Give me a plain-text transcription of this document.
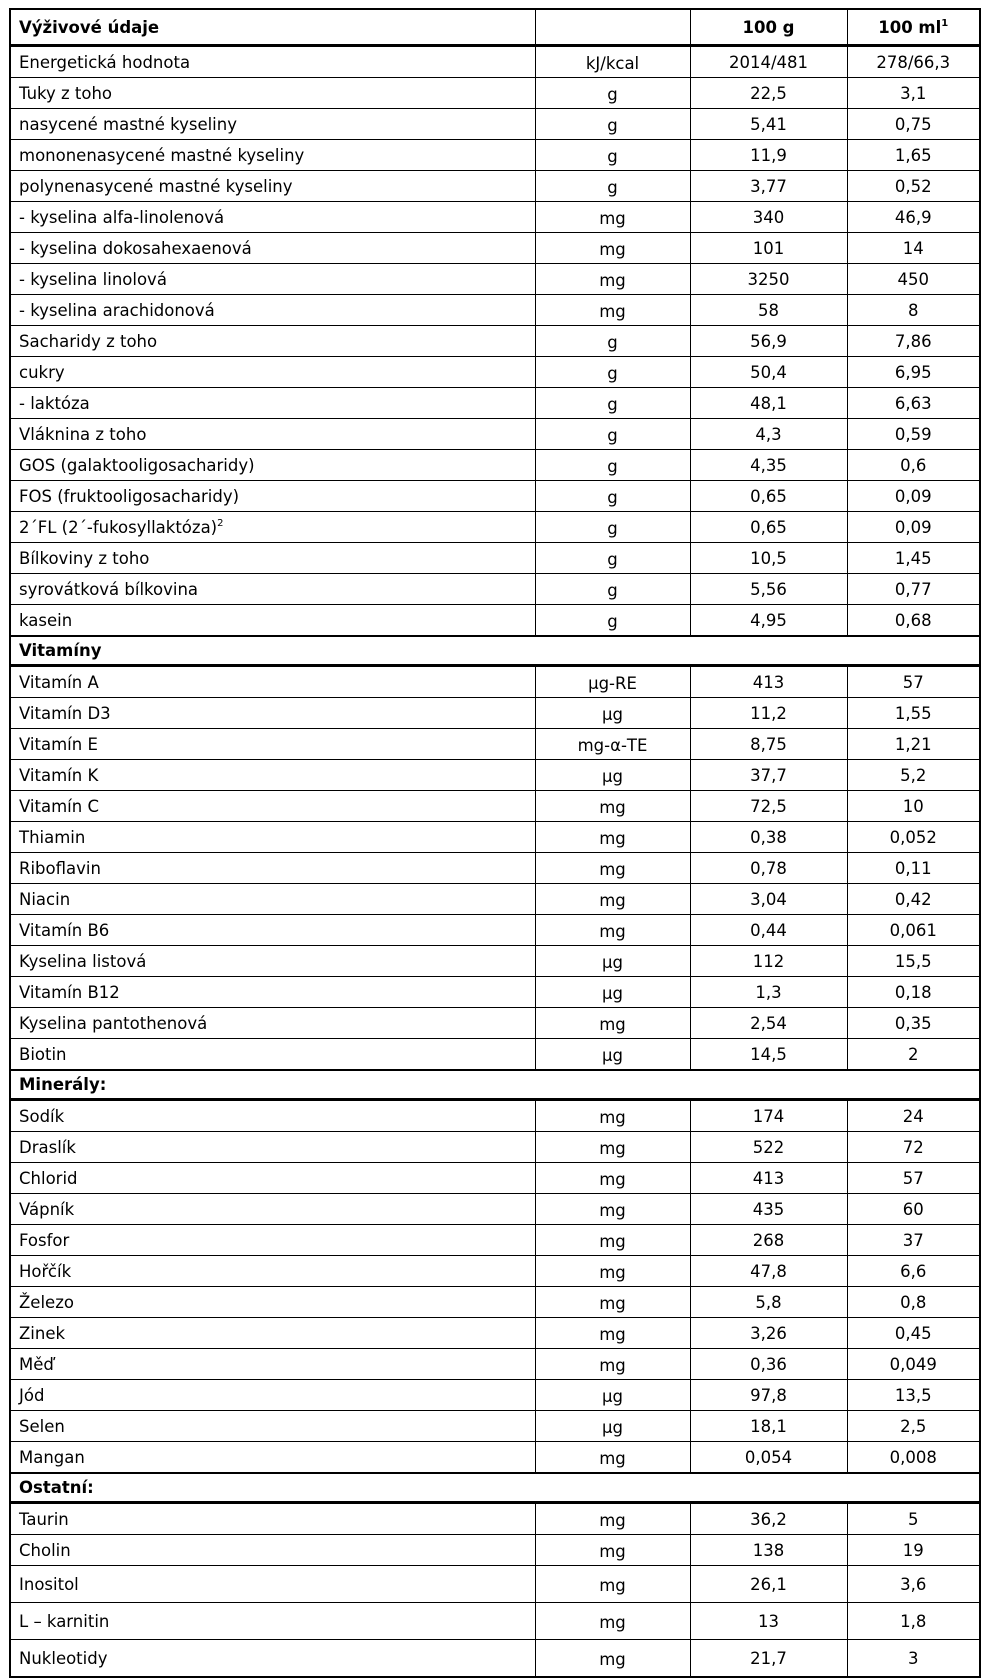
Výživové údaje		100 g	100 $ml^1$
Energetická hodnota	kJ/kcal	2014/481	278/66,3
Tuky z toho	g	22,5	3,1
nasycené mastné kyseliny	g	5,41	0,75
mononenasycené mastné kyseliny	g	11,9	1,65
polynenasycené mastné kyseliny	g	3,77	0,52
- kyselina alfa-linolenová	mg	340	46,9
- kyselina dokosahexaenová	mg	101	14
- kyselina linolová	mg	3250	450
- kyselina arachidonová	mg	58	8
Sacharidy z toho	g	56,9	7,86
cukry	g	50,4	6,95
- laktóza	g	48,1	6,63
Vláknina z toho	g	4,3	0,59
GOS (galaktooligosacharidy)	g	4,35	0,6
FOS (fruktooligosacharidy)	g	0,65	0,09
2´FL (2´-fukosyllaktóza)$^2$	g	0,65	0,09
Bílkoviny z toho	g	10,5	1,45
syrovátková bílkovina	g	5,56	0,77
kasein	g	4,95	0,68
Vitamíny			
Vitamín A	µg-RE	413	57
Vitamín D3	µg	11,2	1,55
Vitamín E	mg-α-TE	8,75	1,21
Vitamín K	µg	37,7	5,2
Vitamín C	mg	72,5	10
Thiamin	mg	0,38	0,052
Riboflavin	mg	0,78	0,11
Niacin	mg	3,04	0,42
Vitamín B6	mg	0,44	0,061
Kyselina listová	µg	112	15,5
Vitamín B12	µg	1,3	0,18
Kyselina pantothenová	mg	2,54	0,35
Biotin	µg	14,5	2
Minerály:			
Sodík	mg	174	24
Draslík	mg	522	72
Chlorid	mg	413	57
Vápník	mg	435	60
Fosfor	mg	268	37
Hořčík	mg	47,8	6,6
Železo	mg	5,8	0,8
Zinek	mg	3,26	0,45
Měď	mg	0,36	0,049
Jód	µg	97,8	13,5
Selen	µg	18,1	2,5
Mangan	mg	0,054	0,008
Ostatní:			
Taurin	mg	36,2	5
Cholin	mg	138	19
Inositol	mg	26,1	3,6
L – karnitin	mg	13	1,8
Nukleotidy	mg	21,7	3
